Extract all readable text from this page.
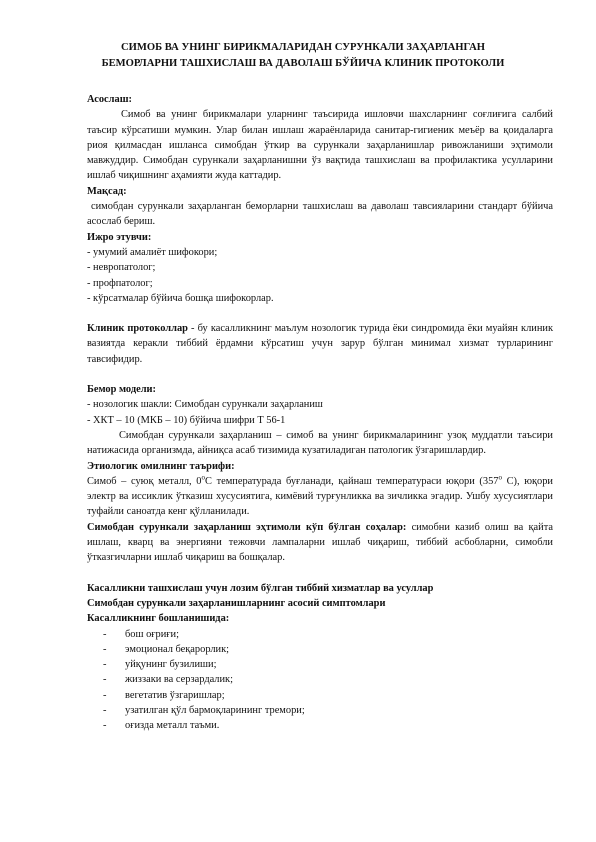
СИМОБ ВА УНИНГ БИРИКМАЛАРИДАН СУРУНКАЛИ ЗАҲАРЛАНГАН
БЕМОРЛАРНИ ТАШХИСЛАШ ВА ДАВОЛАШ БЎЙИЧА КЛИНИК ПРОТОКОЛИ

Асослаш:

Симоб ва унинг бирикмалари уларнинг таъсирида ишловчи шахсларнинг соғлиғига салбий таъсир кўрсатиши мумкин. Улар билан ишлаш жараёнларида санитар-гигиеник меъёр ва қоидаларга риоя қилмасдан ишланса симобдан ўткир ва сурункали заҳарланишлар ривожланиши эҳтимоли мавжуддир. Симобдан сурункали заҳарланишни ўз вақтида ташхислаш ва профилактика усулларини ишлаб чиқишнинг аҳамияти жуда каттадир.

Мақсад:

симобдан сурункали заҳарланган беморларни ташхислаш ва даволаш тавсияларини стандарт бўйича асослаб бериш.

Ижро этувчи:

- умумий амалиёт шифокори;

- невропатолог;

- профпатолог;

- кўрсатмалар бўйича бошқа шифокорлар.

Клиник протоколлар - бу касалликнинг маълум нозологик турида ёки синдромида ёки муайян клиник вазиятда керакли тиббий ёрдамни кўрсатиш учун зарур бўлган минимал хизмат турларининг тавсифидир.

Бемор модели:

- нозологик шакли: Симобдан сурункали заҳарланиш

- ХКТ – 10 (МКБ – 10) бўйича шифри Т 56-1

Симобдан сурункали заҳарланиш – симоб ва унинг бирикмаларининг узоқ муддатли таъсири натижасида организмда, айниқса асаб тизимида кузатиладиган патологик ўзгаришлардир.

Этиологик омилнинг таърифи:

Симоб – суюқ металл, $0^оС$ температурада буғланади, қайнаш температураси юқори ($357^о$ С), юқори электр ва иссиклик ўтказиш хусусиятига, кимёвий турғунликка ва зичликка эгадир. Ушбу хусусиятлари туфайли саноатда кенг қўлланилади.

Симобдан сурункали заҳарланиш эҳтимоли кўп бўлган соҳалар: симобни казиб олиш ва қайта ишлаш, кварц ва энергияни тежовчи лампаларни ишлаб чиқариш, тиббий асбобларни, симобли ўтказгичларни ишлаб чиқариш ва бошқалар.

Касалликни ташхислаш учун лозим бўлган тиббий хизматлар ва усуллар

Симобдан сурункали заҳарланишларнинг асосий симптомлари

Касалликнинг бошланишида:

- бош оғриғи;
- эмоционал беқарорлик;
- уйқунинг бузилиши;
- жиззаки ва серзардалик;
- вегетатив ўзгаришлар;
- узатилган қўл бармоқларининг тремори;
- оғизда металл таъми.
